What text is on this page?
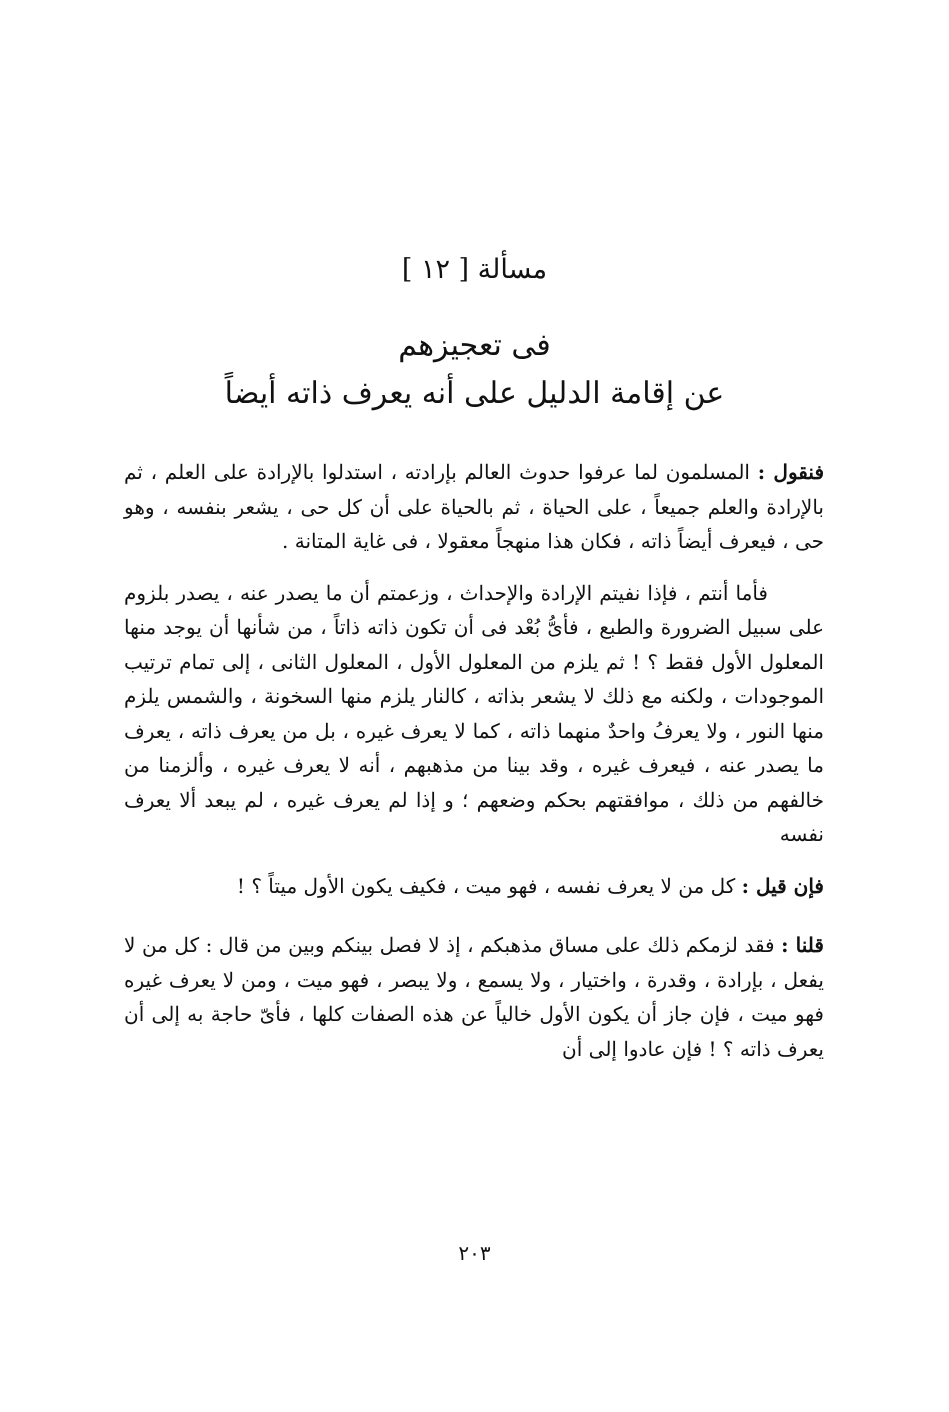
مسألة [ ١٢ ]
فى تعجيزهم
عن إقامة الدليل على أنه يعرف ذاته أيضاً

فنقول : المسلمون لما عرفوا حدوث العالم بإرادته ، استدلوا بالإرادة على العلم ، ثم بالإرادة والعلم جميعاً ، على الحياة ، ثم بالحياة على أن كل حى ، يشعر بنفسه ، وهو حى ، فيعرف أيضاً ذاته ، فكان هذا منهجاً معقولا ، فى غاية المتانة .

فأما أنتم ، فإذا نفيتم الإرادة والإحداث ، وزعمتم أن ما يصدر عنه ، يصدر بلزوم على سبيل الضرورة والطبع ، فأىُّ بُعْد فى أن تكون ذاته ذاتاً ، من شأنها أن يوجد منها المعلول الأول فقط ؟ ! ثم يلزم من المعلول الأول ، المعلول الثانى ، إلى تمام ترتيب الموجودات ، ولكنه مع ذلك لا يشعر بذاته ، كالنار يلزم منها السخونة ، والشمس يلزم منها النور ، ولا يعرفُ واحدٌ منهما ذاته ، كما لا يعرف غيره ، بل من يعرف ذاته ، يعرف ما يصدر عنه ، فيعرف غيره ، وقد بينا من مذهبهم ، أنه لا يعرف غيره ، وألزمنا من خالفهم من ذلك ، موافقتهم بحكم وضعهم ؛ و إذا لم يعرف غيره ، لم يبعد ألا يعرف نفسه

فإن قيل : كل من لا يعرف نفسه ، فهو ميت ، فكيف يكون الأول ميتاً ؟ !

قلنا : فقد لزمكم ذلك على مساق مذهبكم ، إذ لا فصل بينكم وبين من قال : كل من لا يفعل ، بإرادة ، وقدرة ، واختيار ، ولا يسمع ، ولا يبصر ، فهو ميت ، ومن لا يعرف غيره فهو ميت ، فإن جاز أن يكون الأول خالياً عن هذه الصفات كلها ، فأىّ حاجة به إلى أن يعرف ذاته ؟ ! فإن عادوا إلى أن

٢٠٣
